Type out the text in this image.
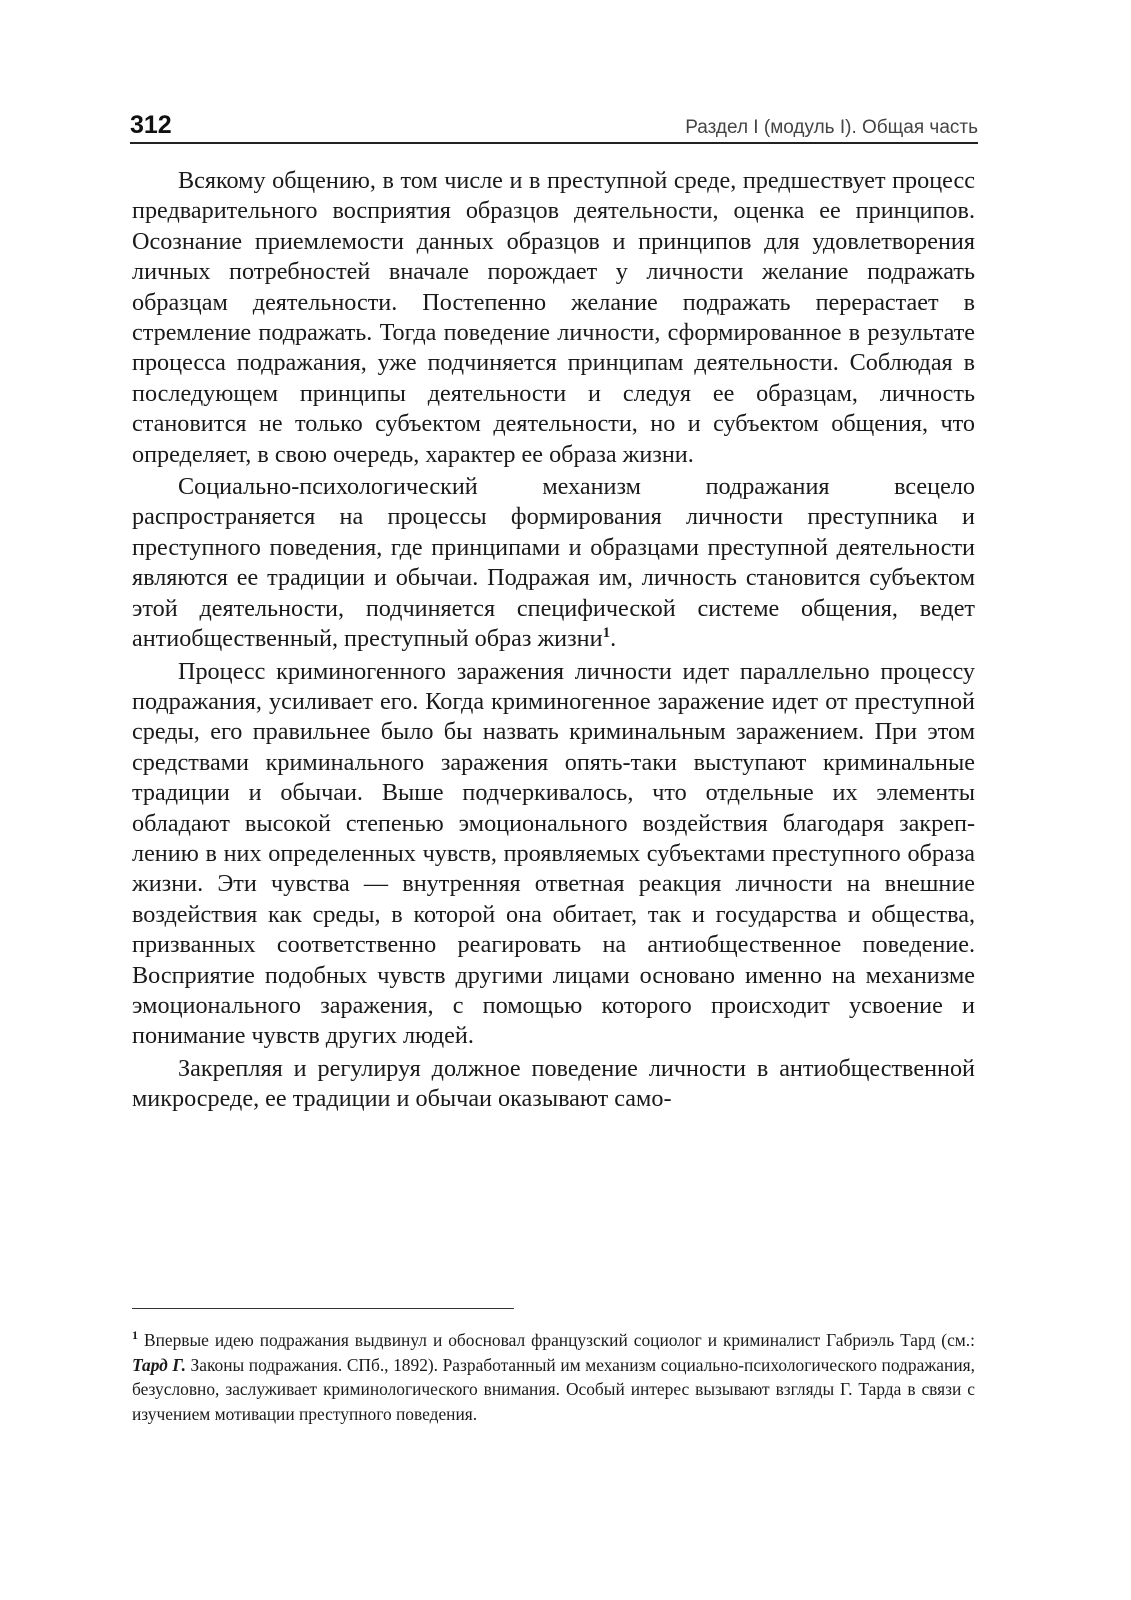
312	Раздел I (модуль I). Общая часть

Всякому общению, в том числе и в преступной среде, предшествует процесс предварительного восприятия образцов деятельности, оценка ее принципов. Осознание приемлемости данных образцов и принципов для удовлетворения личных потребностей вначале порождает у личности желание подражать образцам деятельности. Постепенно желание подражать перерастает в стремление подражать. Тогда поведение личности, сформированное в результате процесса подражания, уже подчиняется принципам деятельности. Соблюдая в последующем принципы деятельности и следуя ее образцам, личность становится не только субъектом деятельности, но и субъектом общения, что определяет, в свою очередь, характер ее образа жизни.

Социально-психологический механизм подражания всецело распространяется на процессы формирования личности преступника и преступного поведения, где принципами и образцами преступной деятельности являются ее традиции и обычаи. Подражая им, личность становится субъектом этой деятельности, подчиняется специфической системе общения, ведет антиобщественный, преступный образ жизни$^1$.

Процесс криминогенного заражения личности идет параллельно процессу подражания, усиливает его. Когда криминогенное заражение идет от преступной среды, его правильнее было бы назвать криминальным заражением. При этом средствами криминального заражения опять-таки выступают криминальные традиции и обычаи. Выше подчеркивалось, что отдельные их элементы обладают высокой степенью эмоционального воздействия благодаря закреплению в них определенных чувств, проявляемых субъектами преступного образа жизни. Эти чувства — внутренняя ответная реакция личности на внешние воздействия как среды, в которой она обитает, так и государства и общества, призванных соответственно реагировать на антиобщественное поведение. Восприятие подобных чувств другими лицами основано именно на механизме эмоционального заражения, с помощью которого происходит усвоение и понимание чувств других людей.

Закрепляя и регулируя должное поведение личности в антиобщественной микросреде, ее традиции и обычаи оказывают само-

$^1$ Впервые идею подражания выдвинул и обосновал французский социолог и криминалист Габриэль Тард (см.: Тард Г. Законы подражания. СПб., 1892). Разработанный им механизм социально-психологического подражания, безусловно, заслуживает криминологического внимания. Особый интерес вызывают взгляды Г. Тарда в связи с изучением мотивации преступного поведения.
